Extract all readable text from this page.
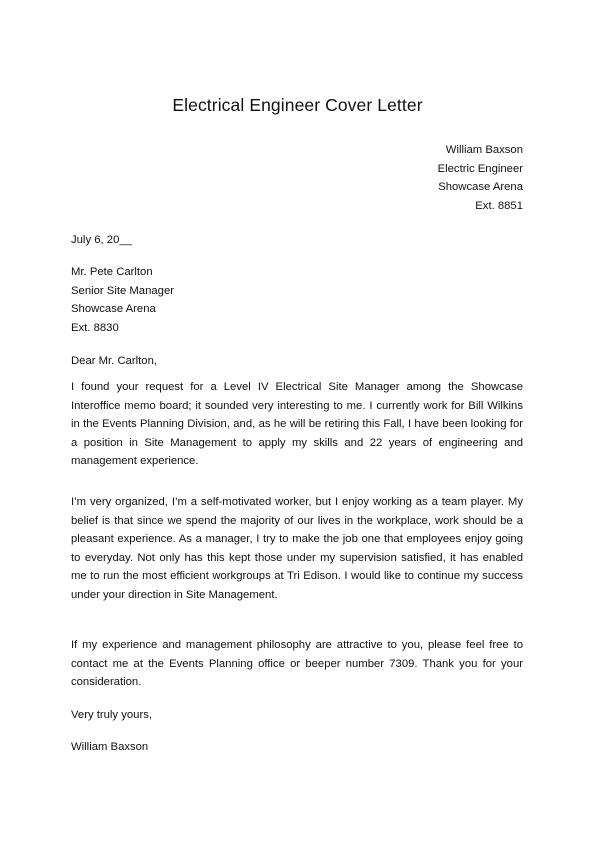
Electrical Engineer Cover Letter
William Baxson
Electric Engineer
Showcase Arena
Ext. 8851
July 6, 20__
Mr. Pete Carlton
Senior Site Manager
Showcase Arena
Ext. 8830
Dear Mr. Carlton,
I found your request for a Level IV Electrical Site Manager among the Showcase Interoffice memo board; it sounded very interesting to me. I currently work for Bill Wilkins in the Events Planning Division, and, as he will be retiring this Fall, I have been looking for a position in Site Management to apply my skills and 22 years of engineering and management experience.
I’m very organized, I’m a self-motivated worker, but I enjoy working as a team player. My belief is that since we spend the majority of our lives in the workplace, work should be a pleasant experience. As a manager, I try to make the job one that employees enjoy going to everyday. Not only has this kept those under my supervision satisfied, it has enabled me to run the most efficient workgroups at Tri Edison. I would like to continue my success under your direction in Site Management.
If my experience and management philosophy are attractive to you, please feel free to contact me at the Events Planning office or beeper number 7309. Thank you for your consideration.
Very truly yours,
William Baxson
